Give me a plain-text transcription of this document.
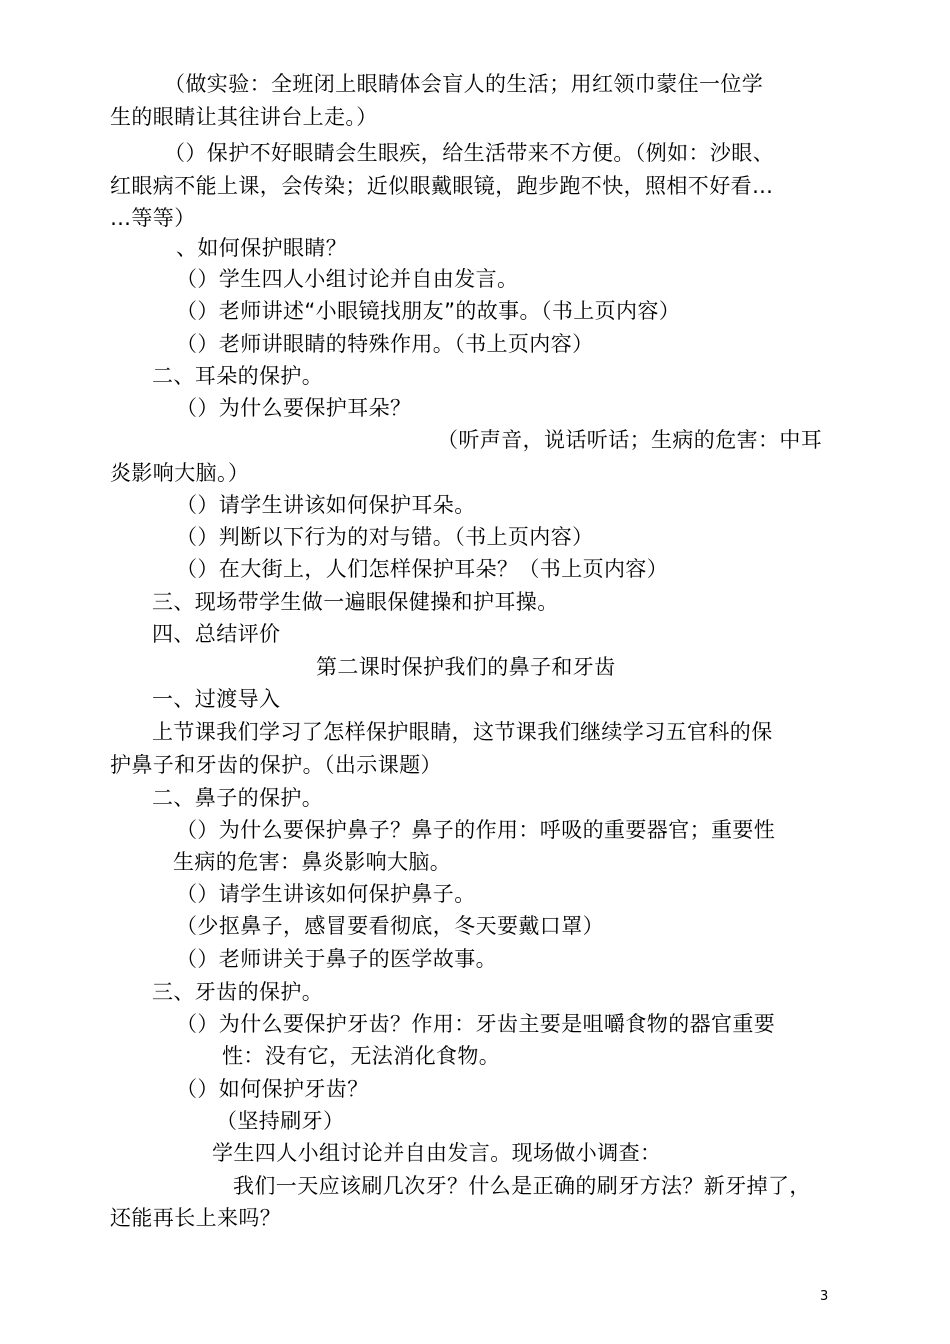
（做实验：全班闭上眼睛体会盲人的生活；用红领巾蒙住一位学
生的眼睛让其往讲台上走。）
（）保护不好眼睛会生眼疾，给生活带来不方便。（例如：沙眼、
红眼病不能上课，会传染；近似眼戴眼镜，跑步跑不快，照相不好看…
…等等）
、如何保护眼睛？
（）学生四人小组讨论并自由发言。
（）老师讲述“小眼镜找朋友”的故事。（书上页内容）
（）老师讲眼睛的特殊作用。（书上页内容）
二、耳朵的保护。
（）为什么要保护耳朵？
（听声音，说话听话；生病的危害：中耳
炎影响大脑。）
（）请学生讲该如何保护耳朵。
（）判断以下行为的对与错。（书上页内容）
（）在大街上，人们怎样保护耳朵？（书上页内容）
三、现场带学生做一遍眼保健操和护耳操。
四、总结评价
第二课时保护我们的鼻子和牙齿
一、过渡导入
上节课我们学习了怎样保护眼睛，这节课我们继续学习五官科的保
护鼻子和牙齿的保护。（出示课题）
二、鼻子的保护。
（）为什么要保护鼻子？鼻子的作用：呼吸的重要器官；重要性
生病的危害：鼻炎影响大脑。
（）请学生讲该如何保护鼻子。
（少抠鼻子，感冒要看彻底，冬天要戴口罩）
（）老师讲关于鼻子的医学故事。
三、牙齿的保护。
（）为什么要保护牙齿？作用：牙齿主要是咀嚼食物的器官重要
性：没有它，无法消化食物。
（）如何保护牙齿？
（坚持刷牙）
学生四人小组讨论并自由发言。现场做小调查：
我们一天应该刷几次牙？什么是正确的刷牙方法？新牙掉了，
还能再长上来吗？
3
